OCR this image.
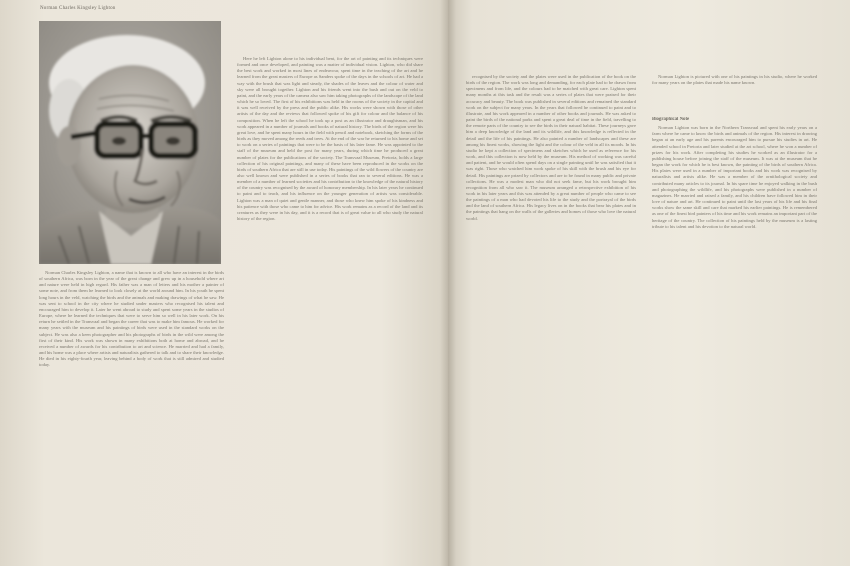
Norman Charles Kingsley Lighton

Here he left Lighton alone to his individual bent, for the art of painting and its techniques were formed and once developed, and painting was a matter of individual vision. Lighton, who did share the best work and worked in most lines of endeavour, spent time in the teaching of the art and he learned from the great masters of Europe as Sanders spoke of the days in the schools of art. He had a way with the brush that was light and steady, the shades of the leaves and the colour of water and sky were all brought together. Lighton and his friends went into the bush and out on the veld to paint, and the early years of the camera also saw him taking photographs of the landscape of the land which he so loved. The first of his exhibitions was held in the rooms of the society in the capital and it was well received by the press and the public alike. His works were shown with those of other artists of the day and the reviews that followed spoke of his gift for colour and the balance of his composition. When he left the school he took up a post as an illustrator and draughtsman, and his work appeared in a number of journals and books of natural history. The birds of the region were his great love, and he spent many hours in the field with pencil and notebook, sketching the forms of the birds as they moved among the reeds and trees. At the end of the war he returned to his home and set to work on a series of paintings that were to be the basis of his later fame. He was appointed to the staff of the museum and held the post for many years, during which time he produced a great number of plates for the publications of the society. The Transvaal Museum, Pretoria, holds a large collection of his original paintings, and many of these have been reproduced in the works on the birds of southern Africa that are still in use today. His paintings of the wild flowers of the country are also well known and were published in a series of books that ran to several editions. He was a member of a number of learned societies and his contribution to the knowledge of the natural history of the country was recognised by the award of honorary membership. In his later years he continued to paint and to teach, and his influence on the younger generation of artists was considerable. Lighton was a man of quiet and gentle manner, and those who knew him spoke of his kindness and his patience with those who came to him for advice. His work remains as a record of the land and its creatures as they were in his day, and it is a record that is of great value to all who study the natural history of the region.

Norman Charles Kingsley Lighton, a name that is known to all who have an interest in the birds of southern Africa, was born in the year of the great change and grew up in a household where art and nature were held in high regard. His father was a man of letters and his mother a painter of some note, and from them he learned to look closely at the world around him. In his youth he spent long hours in the veld, watching the birds and the animals and making drawings of what he saw. He was sent to school in the city where he studied under masters who recognised his talent and encouraged him to develop it. Later he went abroad to study and spent some years in the studios of Europe, where he learned the techniques that were to serve him so well in his later work. On his return he settled in the Transvaal and began the career that was to make him famous. He worked for many years with the museum and his paintings of birds were used in the standard works on the subject. He was also a keen photographer and his photographs of birds in the wild were among the first of their kind. His work was shown in many exhibitions both at home and abroad, and he received a number of awards for his contribution to art and science. He married and had a family, and his home was a place where artists and naturalists gathered to talk and to share their knowledge. He died in his eighty-fourth year, leaving behind a body of work that is still admired and studied today.

recognised by the society and the plates were used in the publication of the book on the birds of the region. The work was long and demanding, for each plate had to be drawn from specimens and from life, and the colours had to be matched with great care. Lighton spent many months at this task and the result was a series of plates that were praised for their accuracy and beauty. The book was published in several editions and remained the standard work on the subject for many years. In the years that followed he continued to paint and to illustrate, and his work appeared in a number of other books and journals. He was asked to paint the birds of the national parks and spent a great deal of time in the field, travelling to the remote parts of the country to see the birds in their natural habitat. These journeys gave him a deep knowledge of the land and its wildlife, and this knowledge is reflected in the detail and the life of his paintings. He also painted a number of landscapes and these are among his finest works, showing the light and the colour of the veld in all its moods. In his studio he kept a collection of specimens and sketches which he used as reference for his work, and this collection is now held by the museum. His method of working was careful and patient, and he would often spend days on a single painting until he was satisfied that it was right. Those who watched him work spoke of his skill with the brush and his eye for detail. His paintings are prized by collectors and are to be found in many public and private collections. He was a modest man who did not seek fame, but his work brought him recognition from all who saw it. The museum arranged a retrospective exhibition of his work in his later years and this was attended by a great number of people who came to see the paintings of a man who had devoted his life to the study and the portrayal of the birds and the land of southern Africa. His legacy lives on in the books that bear his plates and in the paintings that hang on the walls of the galleries and homes of those who love the natural world.

Norman Lighton is pictured with one of his paintings in his studio, where he worked for many years on the plates that made his name known.

Biographical Note

Norman Lighton was born in the Northern Transvaal and spent his early years on a farm where he came to know the birds and animals of the region. His interest in drawing began at an early age and his parents encouraged him to pursue his studies in art. He attended school in Pretoria and later studied at the art school, where he won a number of prizes for his work. After completing his studies he worked as an illustrator for a publishing house before joining the staff of the museum. It was at the museum that he began the work for which he is best known, the painting of the birds of southern Africa. His plates were used in a number of important books and his work was recognised by naturalists and artists alike. He was a member of the ornithological society and contributed many articles to its journal. In his spare time he enjoyed walking in the bush and photographing the wildlife, and his photographs were published in a number of magazines. He married and raised a family, and his children have followed him in their love of nature and art. He continued to paint until the last years of his life and his final works show the same skill and care that marked his earlier paintings. He is remembered as one of the finest bird painters of his time and his work remains an important part of the heritage of the country. The collection of his paintings held by the museum is a lasting tribute to his talent and his devotion to the natural world.
